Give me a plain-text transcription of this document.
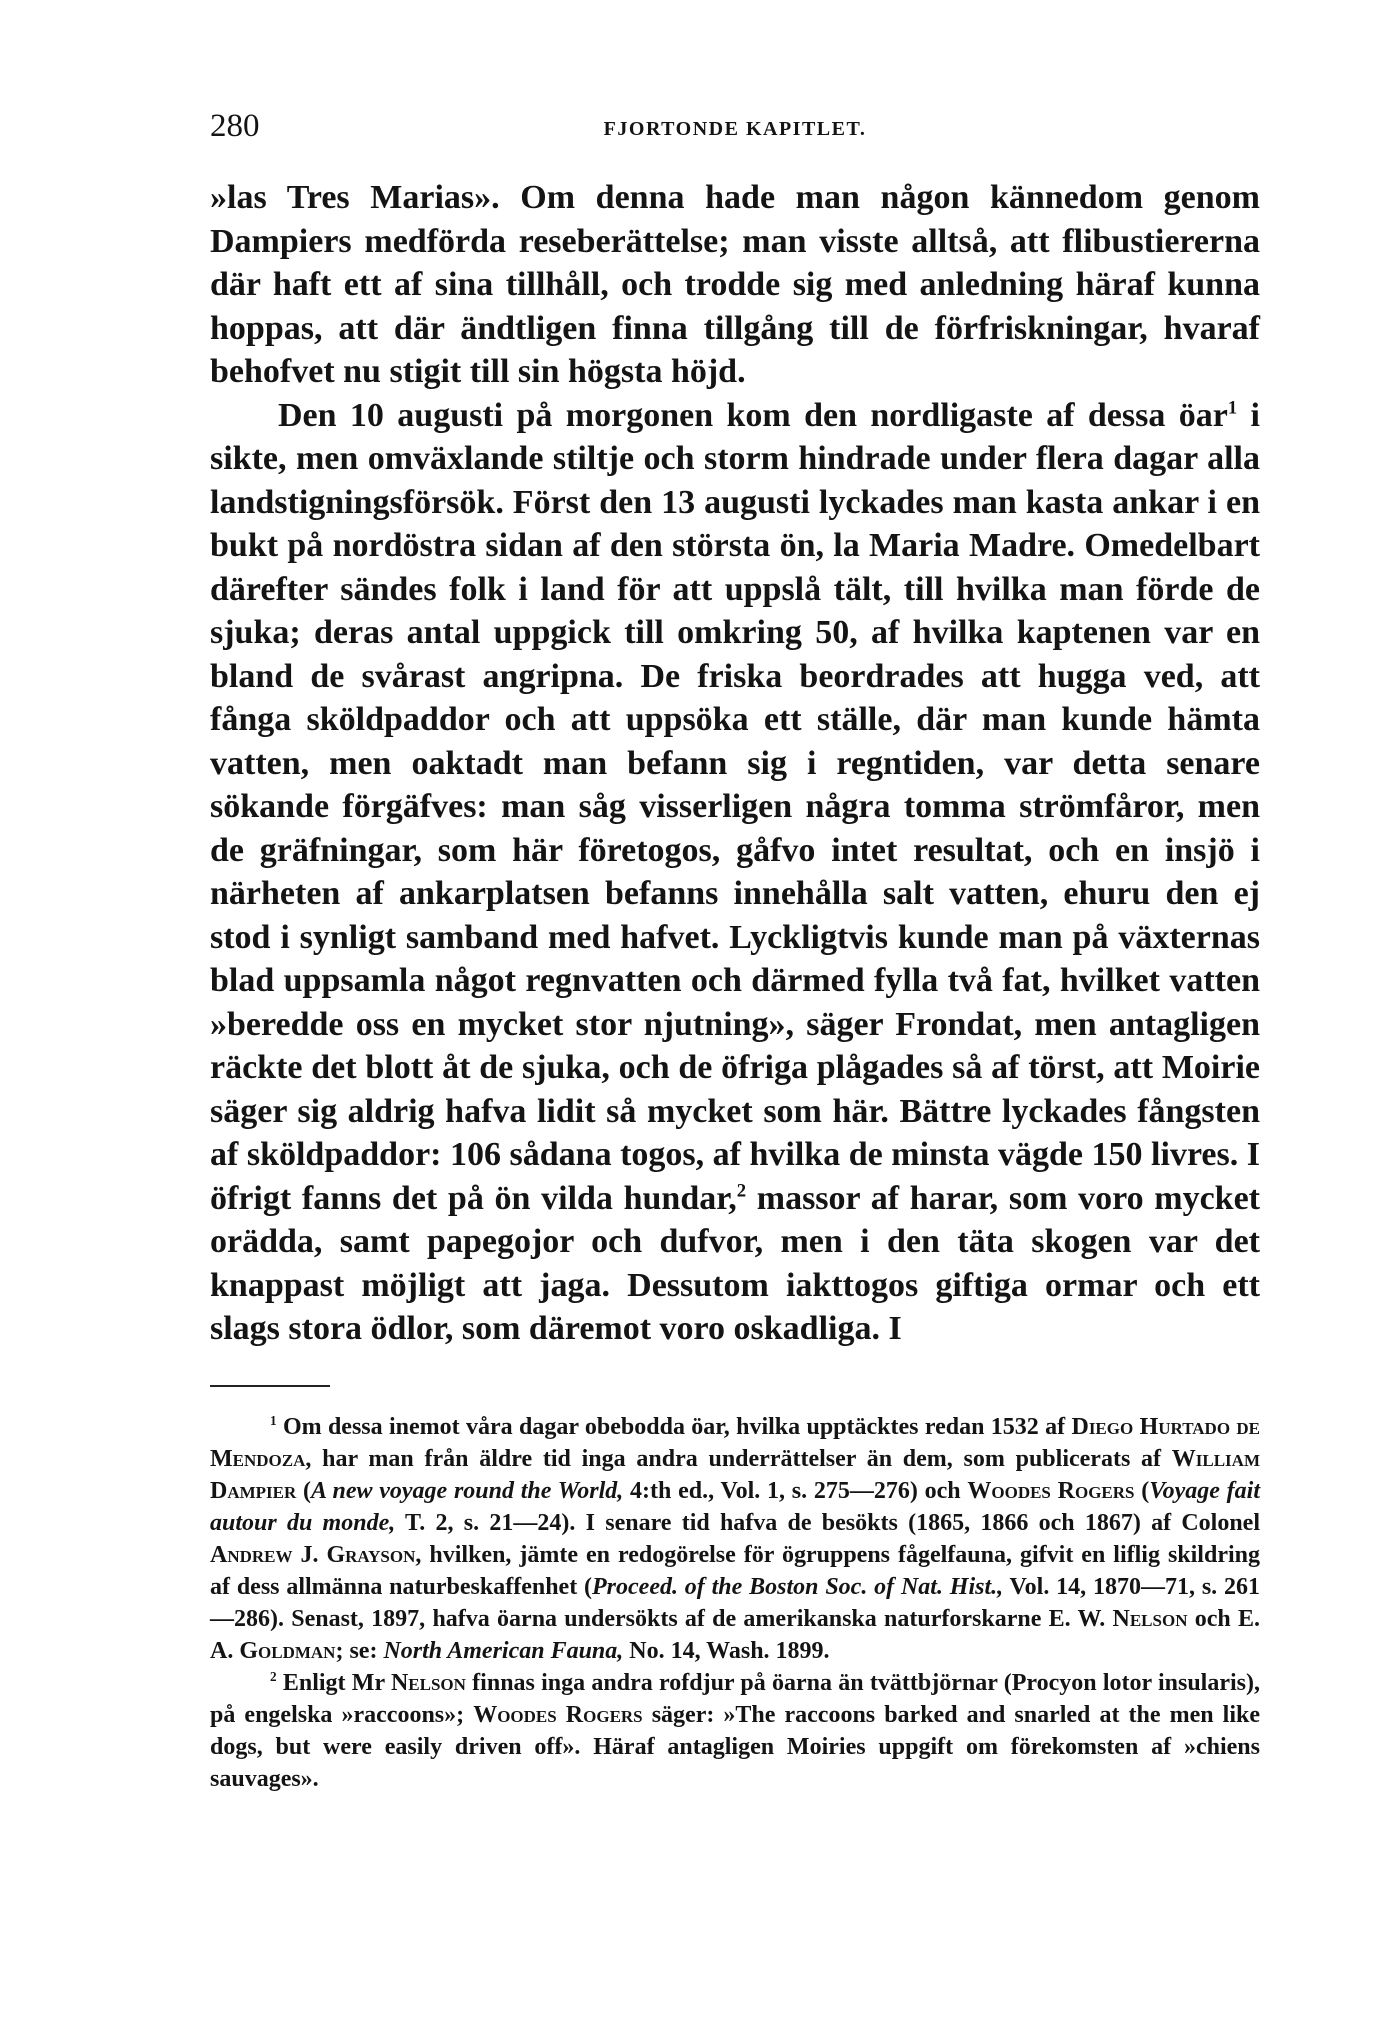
280	FJORTONDE KAPITLET.

»las Tres Marias». Om denna hade man någon kännedom genom Dampiers medförda reseberättelse; man visste alltså, att flibustiererna där haft ett af sina tillhåll, och trodde sig med anledning häraf kunna hoppas, att där ändtligen finna tillgång till de förfriskningar, hvaraf behofvet nu stigit till sin högsta höjd.

Den 10 augusti på morgonen kom den nordligaste af dessa öar$^1$ i sikte, men omväxlande stiltje och storm hindrade under flera dagar alla landstigningsförsök. Först den 13 augusti lyckades man kasta ankar i en bukt på nordöstra sidan af den största ön, la Maria Madre. Omedelbart därefter sändes folk i land för att uppslå tält, till hvilka man förde de sjuka; deras antal uppgick till omkring 50, af hvilka kaptenen var en bland de svårast angripna. De friska beordrades att hugga ved, att fånga sköldpaddor och att uppsöka ett ställe, där man kunde hämta vatten, men oaktadt man befann sig i regntiden, var detta senare sökande förgäfves: man såg visserligen några tomma strömfåror, men de gräfningar, som här företogos, gåfvo intet resultat, och en insjö i närheten af ankarplatsen befanns innehålla salt vatten, ehuru den ej stod i synligt samband med hafvet. Lyckligtvis kunde man på växternas blad uppsamla något regnvatten och därmed fylla två fat, hvilket vatten »beredde oss en mycket stor njutning», säger Frondat, men antagligen räckte det blott åt de sjuka, och de öfriga plågades så af törst, att Moirie säger sig aldrig hafva lidit så mycket som här. Bättre lyckades fångsten af sköldpaddor: 106 sådana togos, af hvilka de minsta vägde 150 livres. I öfrigt fanns det på ön vilda hundar,$^2$ massor af harar, som voro mycket orädda, samt papegojor och dufvor, men i den täta skogen var det knappast möjligt att jaga. Dessutom iakttogos giftiga ormar och ett slags stora ödlor, som däremot voro oskadliga. I

$^1$ Om dessa inemot våra dagar obebodda öar, hvilka upptäcktes redan 1532 af Diego Hurtado de Mendoza, har man från äldre tid inga andra underrättelser än dem, som publicerats af William Dampier (A new voyage round the World, 4:th ed., Vol. 1, s. 275—276) och Woodes Rogers (Voyage fait autour du monde, T. 2, s. 21—24). I senare tid hafva de besökts (1865, 1866 och 1867) af Colonel Andrew J. Grayson, hvilken, jämte en redogörelse för ögruppens fågelfauna, gifvit en liflig skildring af dess allmänna naturbeskaffenhet (Proceed. of the Boston Soc. of Nat. Hist., Vol. 14, 1870—71, s. 261—286). Senast, 1897, hafva öarna undersökts af de amerikanska naturforskarne E. W. Nelson och E. A. Goldman; se: North American Fauna, No. 14, Wash. 1899.

$^2$ Enligt Mr Nelson finnas inga andra rofdjur på öarna än tvättbjörnar (Procyon lotor insularis), på engelska »raccoons»; Woodes Rogers säger: »The raccoons barked and snarled at the men like dogs, but were easily driven off». Häraf antagligen Moiries uppgift om förekomsten af »chiens sauvages».
